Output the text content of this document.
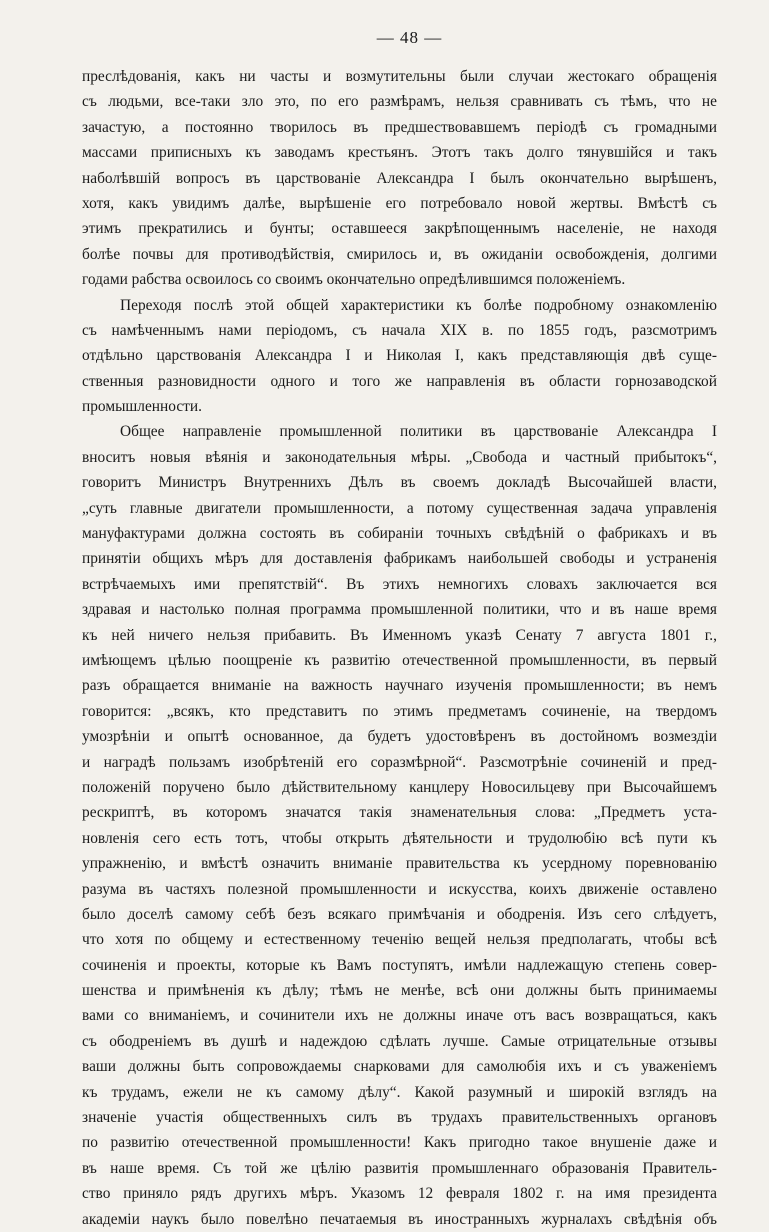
— 48 —
преслѣдованія, какъ ни часты и возмутительны были случаи жестокаго обращенія
съ людьми, все-таки зло это, по его размѣрамъ, нельзя сравнивать съ тѣмъ, что не
зачастую, а постоянно творилось въ предшествовавшемъ періодѣ съ громадными
массами приписныхъ къ заводамъ крестьянъ. Этотъ такъ долго тянувшійся и такъ
наболѣвшій вопросъ въ царствованіе Александра I былъ окончательно вырѣшенъ,
хотя, какъ увидимъ далѣе, вырѣшеніе его потребовало новой жертвы. Вмѣстѣ съ
этимъ прекратились и бунты; оставшееся закрѣпощеннымъ населеніе, не находя
болѣе почвы для противодѣйствія, смирилось и, въ ожиданіи освобожденія, долгими
годами рабства освоилось со своимъ окончательно опредѣлившимся положеніемъ.
Переходя послѣ этой общей характеристики къ болѣе подробному ознакомленію
съ намѣченнымъ нами періодомъ, съ начала XIX в. по 1855 годъ, разсмотримъ
отдѣльно царствованія Александра I и Николая I, какъ представляющія двѣ суще-
ственныя разновидности одного и того же направленія въ области горнозаводской
промышленности.
Общее направленіе промышленной политики въ царствованіе Александра I
вноситъ новыя вѣянія и законодательныя мѣры. „Свобода и частный прибытокъ“,
говоритъ Министръ Внутреннихъ Дѣлъ въ своемъ докладѣ Высочайшей власти,
„суть главные двигатели промышленности, а потому существенная задача управленія
мануфактурами должна состоять въ собираніи точныхъ свѣдѣній о фабрикахъ и въ
принятіи общихъ мѣръ для доставленія фабрикамъ наибольшей свободы и устраненія
встрѣчаемыхъ ими препятствій“. Въ этихъ немногихъ словахъ заключается вся
здравая и настолько полная программа промышленной политики, что и въ наше время
къ ней ничего нельзя прибавить. Въ Именномъ указѣ Сенату 7 августа 1801 г.,
имѣющемъ цѣлью поощреніе къ развитію отечественной промышленности, въ первый
разъ обращается вниманіе на важность научнаго изученія промышленности; въ немъ
говорится: „всякъ, кто представитъ по этимъ предметамъ сочиненіе, на твердомъ
умозрѣніи и опытѣ основанное, да будетъ удостовѣренъ въ достойномъ возмездіи
и наградѣ пользамъ изобрѣтеній его соразмѣрной“. Разсмотрѣніе сочиненій и пред-
положеній поручено было дѣйствительному канцлеру Новосильцеву при Высочайшемъ
рескриптѣ, въ которомъ значатся такія знаменательныя слова: „Предметъ уста-
новленія сего есть тотъ, чтобы открыть дѣятельности и трудолюбію всѣ пути къ
упражненію, и вмѣстѣ означить вниманіе правительства къ усердному поревнованію
разума въ частяхъ полезной промышленности и искусства, коихъ движеніе оставлено
было доселѣ самому себѣ безъ всякаго примѣчанія и ободренія. Изъ сего слѣдуетъ,
что хотя по общему и естественному теченію вещей нельзя предполагать, чтобы всѣ
сочиненія и проекты, которые къ Вамъ поступятъ, имѣли надлежащую степень совер-
шенства и примѣненія къ дѣлу; тѣмъ не менѣе, всѣ они должны быть принимаемы
вами со вниманіемъ, и сочинители ихъ не должны иначе отъ васъ возвращаться, какъ
съ ободреніемъ въ душѣ и надеждою сдѣлать лучше. Самые отрицательные отзывы
ваши должны быть сопровождаемы снарковами для самолюбія ихъ и съ уваженіемъ
къ трудамъ, ежели не къ самому дѣлу“. Какой разумный и широкій взглядъ на
значеніе участія общественныхъ силъ въ трудахъ правительственныхъ органовъ
по развитію отечественной промышленности! Какъ пригодно такое внушеніе даже и
въ наше время. Съ той же цѣлію развитія промышленнаго образованія Правитель-
ство приняло рядъ другихъ мѣръ. Указомъ 12 февраля 1802 г. на имя президента
академіи наукъ было повелѣно печатаемыя въ иностранныхъ журналахъ свѣдѣнія объ
